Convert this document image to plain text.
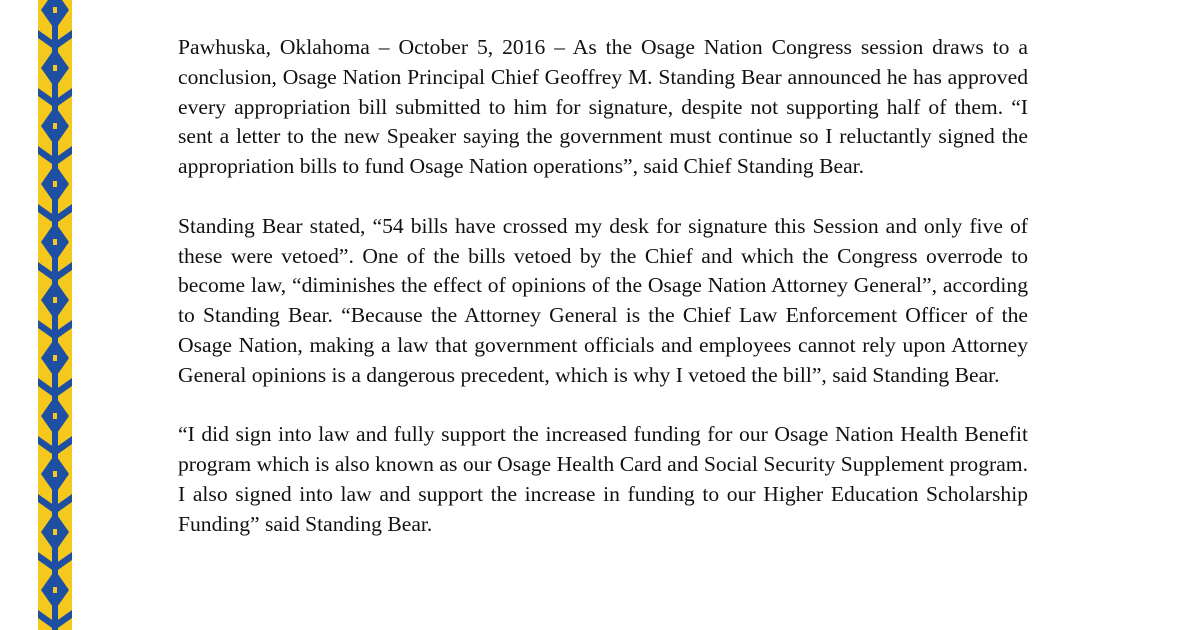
Pawhuska, Oklahoma – October 5, 2016 – As the Osage Nation Congress session draws to a conclusion, Osage Nation Principal Chief Geoffrey M. Standing Bear announced he has approved every appropriation bill submitted to him for signature, despite not supporting half of them. “I sent a letter to the new Speaker saying the government must continue so I reluctantly signed the appropriation bills to fund Osage Nation operations”, said Chief Standing Bear.

Standing Bear stated, “54 bills have crossed my desk for signature this Session and only five of these were vetoed”. One of the bills vetoed by the Chief and which the Congress overrode to become law, “diminishes the effect of opinions of the Osage Nation Attorney General”, according to Standing Bear. “Because the Attorney General is the Chief Law Enforcement Officer of the Osage Nation, making a law that government officials and employees cannot rely upon Attorney General opinions is a dangerous precedent, which is why I vetoed the bill”, said Standing Bear.

“I did sign into law and fully support the increased funding for our Osage Nation Health Benefit program which is also known as our Osage Health Card and Social Security Supplement program. I also signed into law and support the increase in funding to our Higher Education Scholarship Funding” said Standing Bear.
